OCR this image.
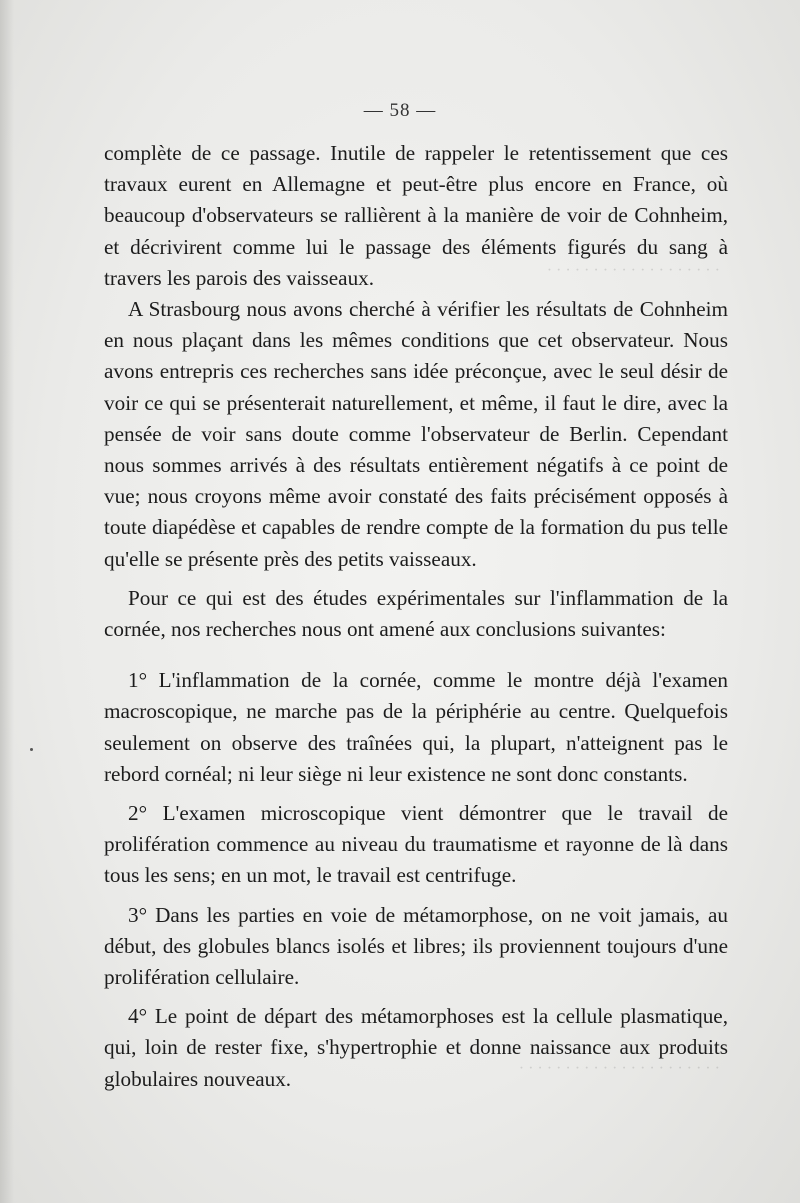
· · · · · · · · · · · · · · · · · · ·
· · · · · · · · · · · · · · · · · · · · · ·
— 58 —

complète de ce passage. Inutile de rappeler le retentissement que ces travaux eurent en Allemagne et peut-être plus encore en France, où beaucoup d'observateurs se rallièrent à la manière de voir de Cohnheim, et décrivirent comme lui le passage des éléments figurés du sang à travers les parois des vaisseaux.

A Strasbourg nous avons cherché à vérifier les résultats de Cohnheim en nous plaçant dans les mêmes conditions que cet observateur. Nous avons entrepris ces recherches sans idée préconçue, avec le seul désir de voir ce qui se présenterait naturellement, et même, il faut le dire, avec la pensée de voir sans doute comme l'observateur de Berlin. Cependant nous sommes arrivés à des résultats entièrement négatifs à ce point de vue; nous croyons même avoir constaté des faits précisément opposés à toute diapédèse et capables de rendre compte de la formation du pus telle qu'elle se présente près des petits vaisseaux.

Pour ce qui est des études expérimentales sur l'inflammation de la cornée, nos recherches nous ont amené aux conclusions suivantes:

1° L'inflammation de la cornée, comme le montre déjà l'examen macroscopique, ne marche pas de la périphérie au centre. Quelquefois seulement on observe des traînées qui, la plupart, n'atteignent pas le rebord cornéal; ni leur siège ni leur existence ne sont donc constants.

2° L'examen microscopique vient démontrer que le travail de prolifération commence au niveau du traumatisme et rayonne de là dans tous les sens; en un mot, le travail est centrifuge.

3° Dans les parties en voie de métamorphose, on ne voit jamais, au début, des globules blancs isolés et libres; ils proviennent toujours d'une prolifération cellulaire.

4° Le point de départ des métamorphoses est la cellule plasmatique, qui, loin de rester fixe, s'hypertrophie et donne naissance aux produits globulaires nouveaux.
